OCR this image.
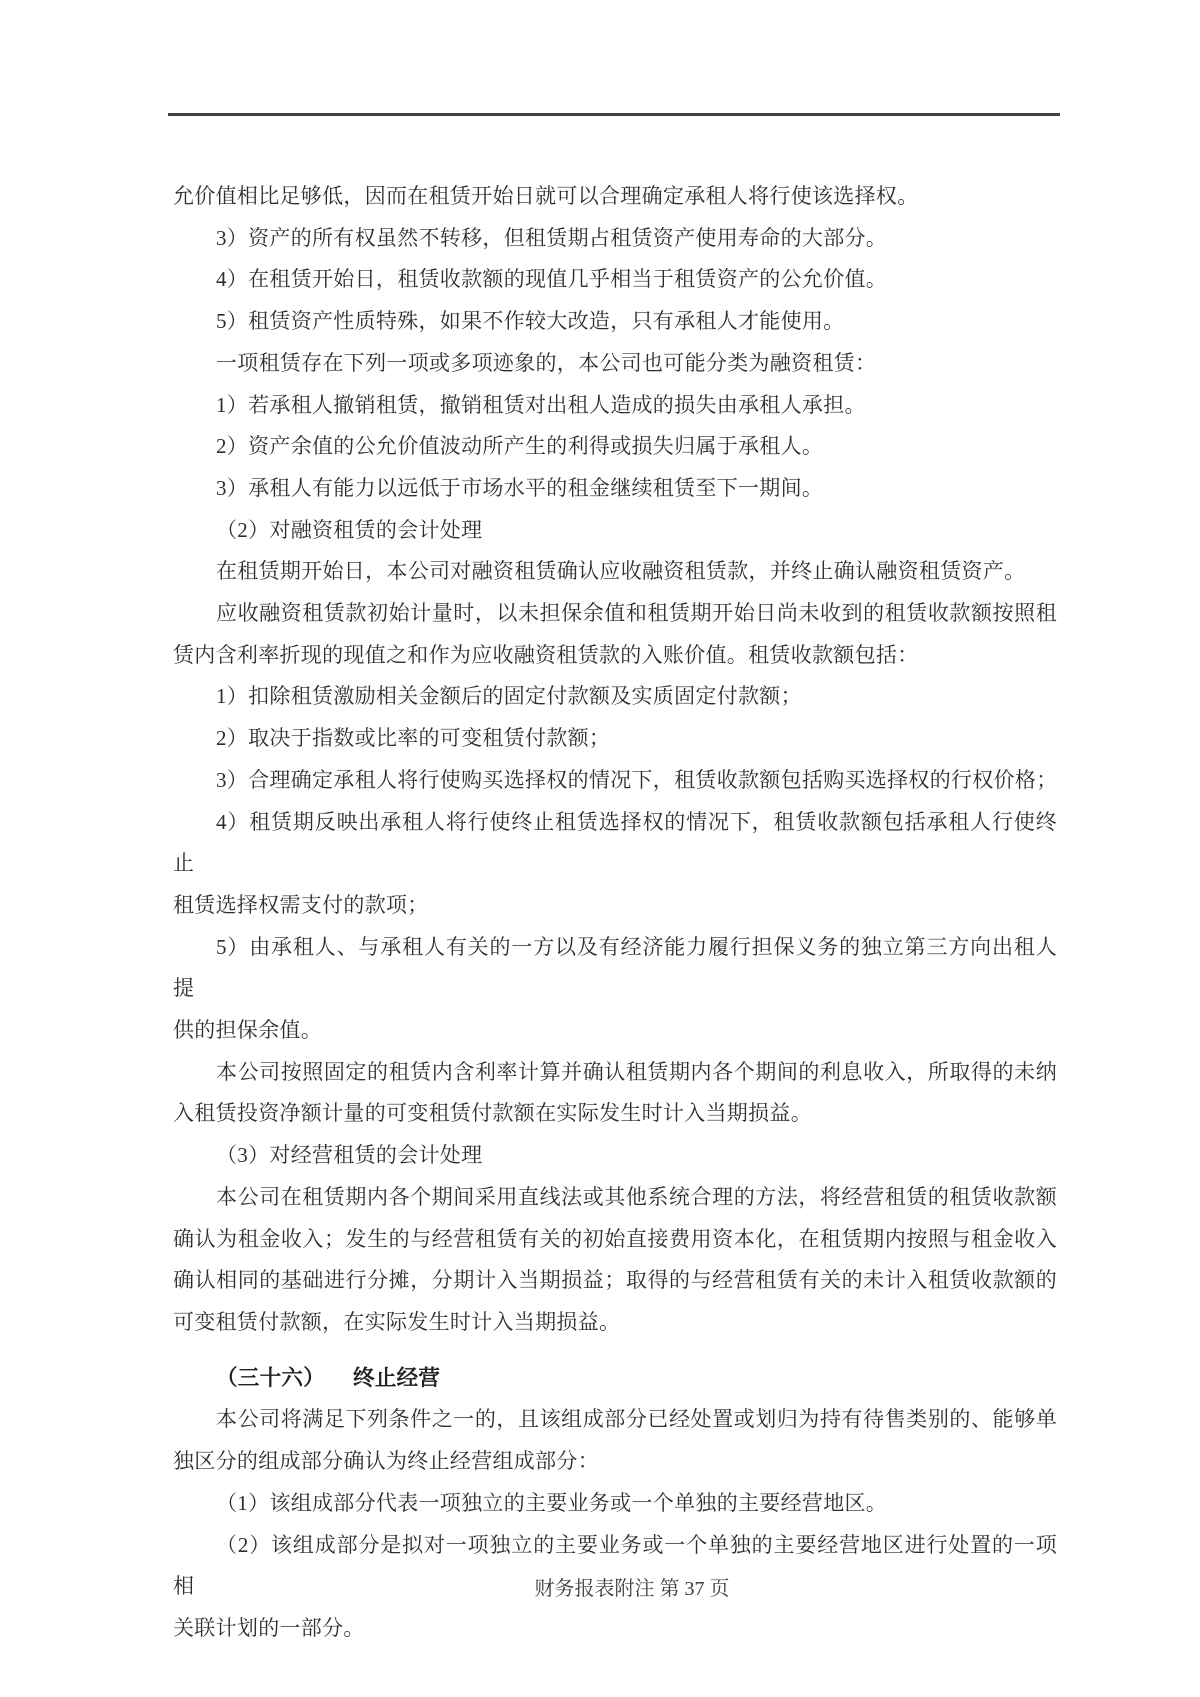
允价值相比足够低，因而在租赁开始日就可以合理确定承租人将行使该选择权。

3）资产的所有权虽然不转移，但租赁期占租赁资产使用寿命的大部分。

4）在租赁开始日，租赁收款额的现值几乎相当于租赁资产的公允价值。

5）租赁资产性质特殊，如果不作较大改造，只有承租人才能使用。

一项租赁存在下列一项或多项迹象的，本公司也可能分类为融资租赁：

1）若承租人撤销租赁，撤销租赁对出租人造成的损失由承租人承担。

2）资产余值的公允价值波动所产生的利得或损失归属于承租人。

3）承租人有能力以远低于市场水平的租金继续租赁至下一期间。

（2）对融资租赁的会计处理

在租赁期开始日，本公司对融资租赁确认应收融资租赁款，并终止确认融资租赁资产。

应收融资租赁款初始计量时，以未担保余值和租赁期开始日尚未收到的租赁收款额按照租

赁内含利率折现的现值之和作为应收融资租赁款的入账价值。租赁收款额包括：

1）扣除租赁激励相关金额后的固定付款额及实质固定付款额；

2）取决于指数或比率的可变租赁付款额；

3）合理确定承租人将行使购买选择权的情况下，租赁收款额包括购买选择权的行权价格；

4）租赁期反映出承租人将行使终止租赁选择权的情况下，租赁收款额包括承租人行使终止

租赁选择权需支付的款项；

5）由承租人、与承租人有关的一方以及有经济能力履行担保义务的独立第三方向出租人提

供的担保余值。

本公司按照固定的租赁内含利率计算并确认租赁期内各个期间的利息收入，所取得的未纳

入租赁投资净额计量的可变租赁付款额在实际发生时计入当期损益。

（3）对经营租赁的会计处理

本公司在租赁期内各个期间采用直线法或其他系统合理的方法，将经营租赁的租赁收款额

确认为租金收入；发生的与经营租赁有关的初始直接费用资本化，在租赁期内按照与租金收入

确认相同的基础进行分摊，分期计入当期损益；取得的与经营租赁有关的未计入租赁收款额的

可变租赁付款额，在实际发生时计入当期损益。

（三十六） 终止经营

本公司将满足下列条件之一的，且该组成部分已经处置或划归为持有待售类别的、能够单

独区分的组成部分确认为终止经营组成部分：

（1）该组成部分代表一项独立的主要业务或一个单独的主要经营地区。

（2）该组成部分是拟对一项独立的主要业务或一个单独的主要经营地区进行处置的一项相

关联计划的一部分。

财务报表附注 第 37 页
